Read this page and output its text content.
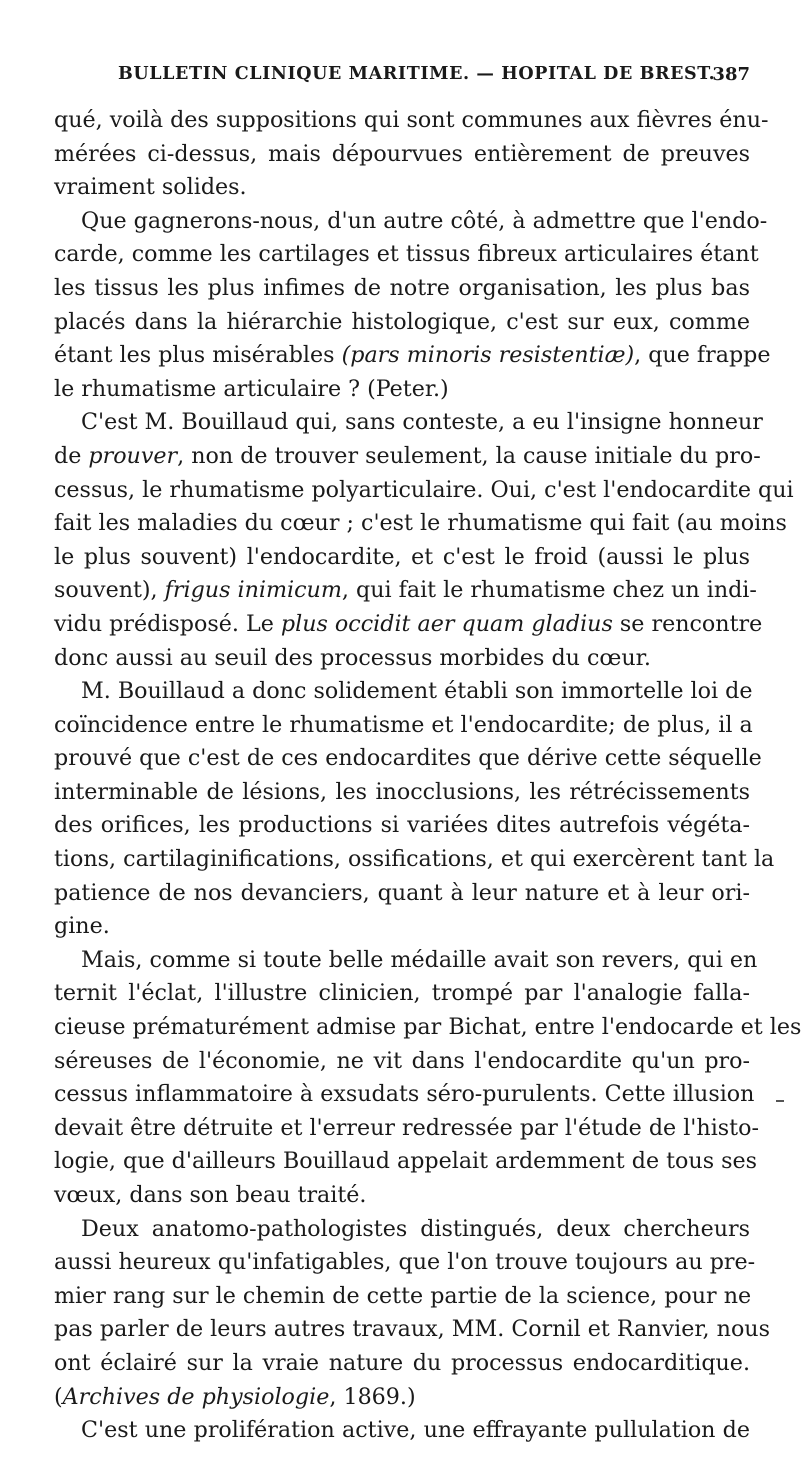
BULLETIN CLINIQUE MARITIME. — HOPITAL DE BREST.
387
qué, voilà des suppositions qui sont communes aux fièvres énu-
mérées ci-dessus, mais dépourvues entièrement de preuves
vraiment solides.
Que gagnerons-nous, d'un autre côté, à admettre que l'endo-
carde, comme les cartilages et tissus fibreux articulaires étant
les tissus les plus infimes de notre organisation, les plus bas
placés dans la hiérarchie histologique, c'est sur eux, comme
étant les plus misérables (pars minoris resistentiæ), que frappe
le rhumatisme articulaire ? (Peter.)
C'est M. Bouillaud qui, sans conteste, a eu l'insigne honneur
de prouver, non de trouver seulement, la cause initiale du pro-
cessus, le rhumatisme polyarticulaire. Oui, c'est l'endocardite qui
fait les maladies du cœur ; c'est le rhumatisme qui fait (au moins
le plus souvent) l'endocardite, et c'est le froid (aussi le plus
souvent), frigus inimicum, qui fait le rhumatisme chez un indi-
vidu prédisposé. Le plus occidit aer quam gladius se rencontre
donc aussi au seuil des processus morbides du cœur.
M. Bouillaud a donc solidement établi son immortelle loi de
coïncidence entre le rhumatisme et l'endocardite; de plus, il a
prouvé que c'est de ces endocardites que dérive cette séquelle
interminable de lésions, les inocclusions, les rétrécissements
des orifices, les productions si variées dites autrefois végéta-
tions, cartilaginifications, ossifications, et qui exercèrent tant la
patience de nos devanciers, quant à leur nature et à leur ori-
gine.
Mais, comme si toute belle médaille avait son revers, qui en
ternit l'éclat, l'illustre clinicien, trompé par l'analogie falla-
cieuse prématurément admise par Bichat, entre l'endocarde et les
séreuses de l'économie, ne vit dans l'endocardite qu'un pro-
cessus inflammatoire à exsudats séro-purulents. Cette illusion
devait être détruite et l'erreur redressée par l'étude de l'histo-
logie, que d'ailleurs Bouillaud appelait ardemment de tous ses
vœux, dans son beau traité.
Deux anatomo-pathologistes distingués, deux chercheurs
aussi heureux qu'infatigables, que l'on trouve toujours au pre-
mier rang sur le chemin de cette partie de la science, pour ne
pas parler de leurs autres travaux, MM. Cornil et Ranvier, nous
ont éclairé sur la vraie nature du processus endocarditique.
(Archives de physiologie, 1869.)
C'est une prolifération active, une effrayante pullulation de
